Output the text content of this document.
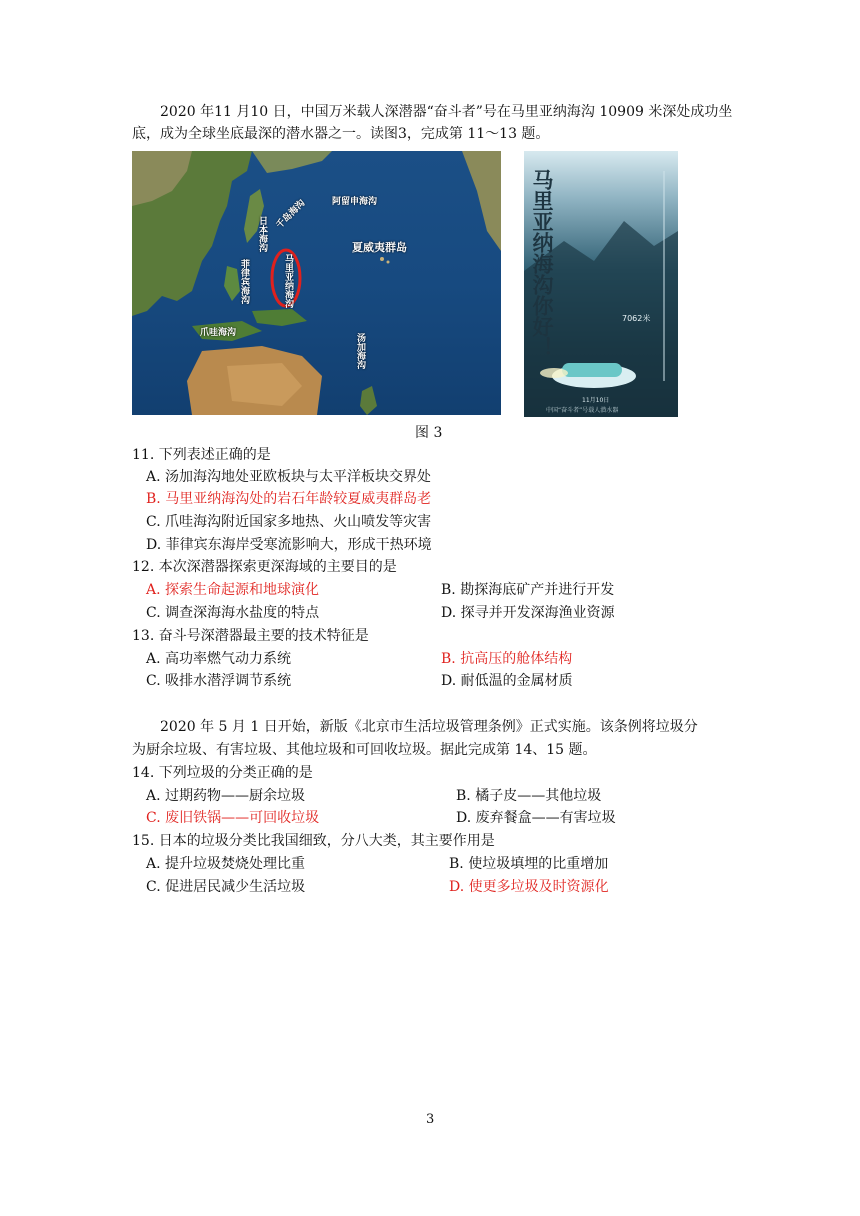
2020 年11 月10 日，中国万米载人深潜器“奋斗者”号在马里亚纳海沟 10909 米深处成功坐
底，成为全球坐底最深的潜水器之一。读图3，完成第 11～13 题。
马里亚纳海沟
阿留申海沟
千岛海沟
日本海沟	夏威夷群岛
菲律宾海沟
爪哇海沟	汤加海沟	马里亚纳海沟你好！	7062米
11月10日
中国“奋斗者”号载人潜水器
图 3
11. 下列表述正确的是
A. 汤加海沟地处亚欧板块与太平洋板块交界处
B. 马里亚纳海沟处的岩石年龄较夏威夷群岛老
C. 爪哇海沟附近国家多地热、火山喷发等灾害
D. 菲律宾东海岸受寒流影响大，形成干热环境
12. 本次深潜器探索更深海域的主要目的是
A. 探索生命起源和地球演化	B. 勘探海底矿产并进行开发
C. 调查深海海水盐度的特点	D. 探寻并开发深海渔业资源
13. 奋斗号深潜器最主要的技术特征是
A. 高功率燃气动力系统	B. 抗高压的舱体结构
C. 吸排水潜浮调节系统	D. 耐低温的金属材质
2020 年 5 月 1 日开始，新版《北京市生活垃圾管理条例》正式实施。该条例将垃圾分
为厨余垃圾、有害垃圾、其他垃圾和可回收垃圾。据此完成第 14、15 题。
14. 下列垃圾的分类正确的是
A. 过期药物——厨余垃圾	B. 橘子皮——其他垃圾
C. 废旧铁锅——可回收垃圾	D. 废弃餐盒——有害垃圾
15. 日本的垃圾分类比我国细致，分八大类，其主要作用是
A. 提升垃圾焚烧处理比重	B. 使垃圾填埋的比重增加
C. 促进居民减少生活垃圾	D. 使更多垃圾及时资源化
3
